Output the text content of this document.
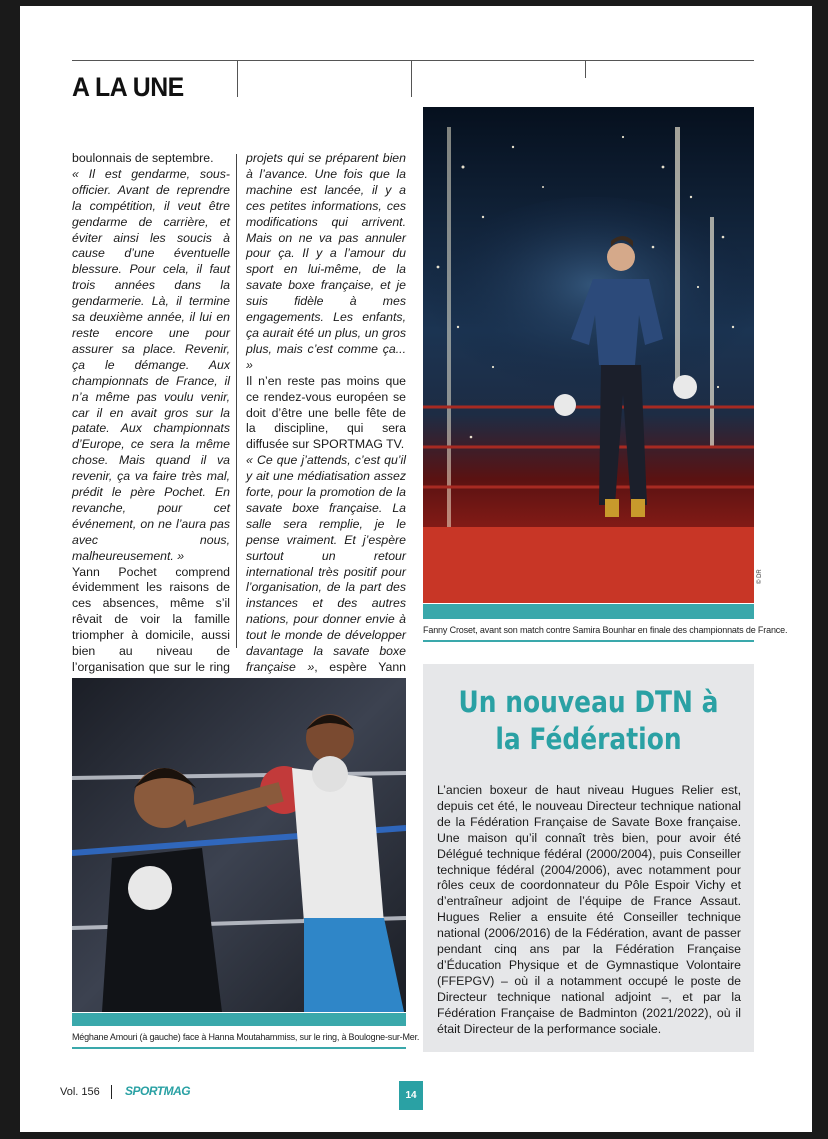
A LA UNE

boulonnais de septembre.

« Il est gendarme, sous-officier. Avant de reprendre la compétition, il veut être gendarme de carrière, et éviter ainsi les soucis à cause d’une éventuelle blessure. Pour cela, il faut trois années dans la gendarmerie. Là, il termine sa deuxième année, il lui en reste encore une pour assurer sa place. Revenir, ça le démange. Aux championnats de France, il n’a même pas voulu venir, car il en avait gros sur la patate. Aux championnats d’Europe, ce sera la même chose. Mais quand il va revenir, ça va faire très mal, prédit le père Pochet. En revanche, pour cet événement, on ne l’aura pas avec nous, malheureusement. »

Yann Pochet comprend évidemment les raisons de ces absences, même s’il rêvait de voir la famille triompher à domicile, aussi bien au niveau de l’organisation que sur le ring

projets qui se préparent bien à l’avance. Une fois que la machine est lancée, il y a ces petites informations, ces modifications qui arrivent. Mais on ne va pas annuler pour ça. Il y a l’amour du sport en lui-même, de la savate boxe française, et je suis fidèle à mes engagements. Les enfants, ça aurait été un plus, un gros plus, mais c’est comme ça... »

Il n’en reste pas moins que ce rendez-vous européen se doit d’être une belle fête de la discipline, qui sera diffusée sur SPORTMAG TV.

« Ce que j’attends, c’est qu’il y ait une médiatisation assez forte, pour la promotion de la savate boxe française. La salle sera remplie, je le pense vraiment. Et j’espère surtout un retour international très positif pour l’organisation, de la part des instances et des autres nations, pour donner envie à tout le monde de développer davantage la savate boxe française », espère Yann

© DR
Fanny Croset, avant son match contre Samira Bounhar en finale des championnats de France.
Méghane Amouri (à gauche) face à Hanna Moutahammiss, sur le ring, à Boulogne-sur-Mer.
Un nouveau DTN à la Fédération
L’ancien boxeur de haut niveau Hugues Relier est, depuis cet été, le nouveau Directeur technique national de la Fédération Française de Savate Boxe française. Une maison qu’il connaît très bien, pour avoir été Délégué technique fédéral (2000/2004), puis Conseiller technique fédéral (2004/2006), avec notamment pour rôles ceux de coordonnateur du Pôle Espoir Vichy et d’entraîneur adjoint de l’équipe de France Assaut. Hugues Relier a ensuite été Conseiller technique national (2006/2016) de la Fédération, avant de passer pendant cinq ans par la Fédération Française d’Éducation Physique et de Gymnastique Volontaire (FFEPGV) – où il a notamment occupé le poste de Directeur technique national adjoint –, et par la Fédération Française de Badminton (2021/2022), où il était Directeur de la performance sociale.
Vol. 156 SPORTMAG	14
